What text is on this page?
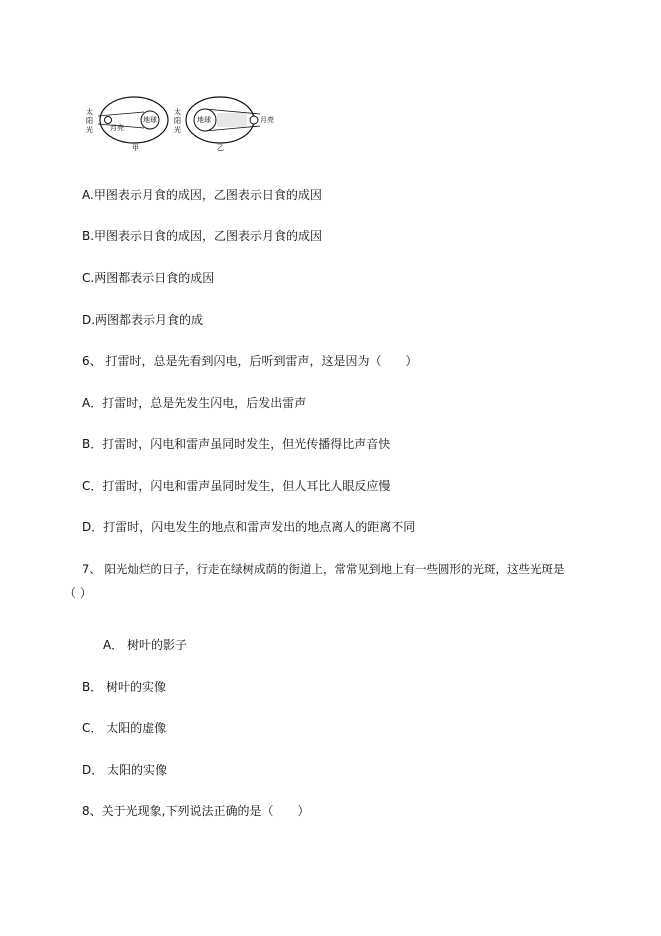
太
阳
光
地球
月亮
甲
太
阳
光
地球	月亮
乙
A.甲图表示月食的成因，乙图表示日食的成因
B.甲图表示日食的成因，乙图表示月食的成因
C.两图都表示日食的成因
D.两图都表示月食的成
6、 打雷时，总是先看到闪电，后听到雷声，这是因为（　　）
A．打雷时，总是先发生闪电，后发出雷声
B．打雷时，闪电和雷声虽同时发生，但光传播得比声音快
C．打雷时，闪电和雷声虽同时发生，但人耳比人眼反应慢
D．打雷时，闪电发生的地点和雷声发出的地点离人的距离不同
7、 阳光灿烂的日子，行走在绿树成荫的街道上，常常见到地上有一些圆形的光斑，这些光斑是
（ ）
A． 树叶的影子
B． 树叶的实像
C． 太阳的虚像
D． 太阳的实像
8、关于光现象,下列说法正确的是（　　）
